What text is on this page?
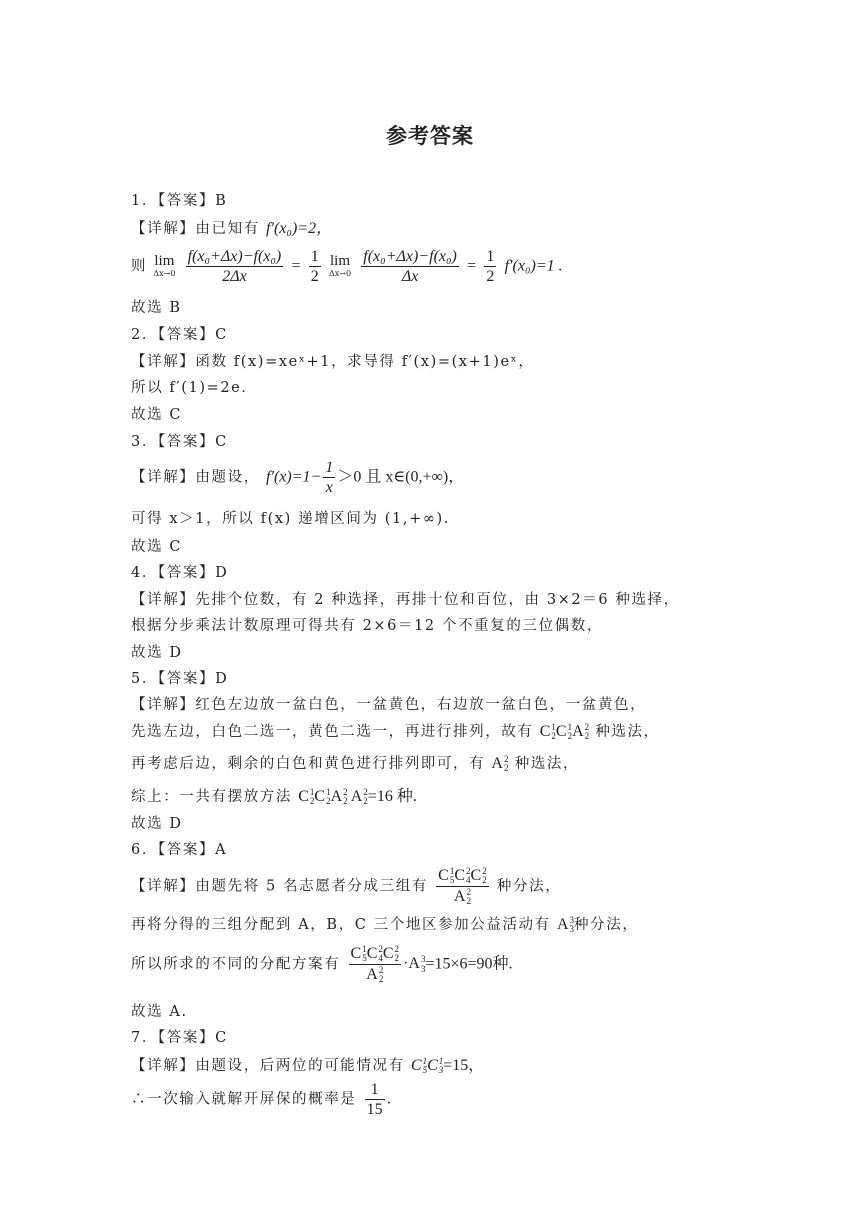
参考答案
1．【答案】B
【详解】由已知有 f′(x₀)=2，
则 lim
Δx→0
$\frac{\text{f(x₀+Δx)−f(x₀)}}{2\Delta x} = \frac{1}{2}$
lim
Δx→0
$\frac{\text{f(x₀+Δx)−f(x₀)}}{\Delta x} = \frac{1}{2} f'(x_0)=1$ .
故选 B
2．【答案】C
【详解】函数 f(x)=xeˣ+1，求导得 f′(x)=(x+1)eˣ，
所以 f′(1)=2e．
故选 C
3．【答案】C
【详解】由题设， $f'(x)=1- \frac{1}{x} >0$ 且 x∈(0,+∞)，
可得 x＞1，所以 f(x) 递增区间为 (1,+∞).
故选 C
4．【答案】D
【详解】先排个位数，有 2 种选择，再排十位和百位，由 3×2＝6 种选择，
根据分步乘法计数原理可得共有 2×6＝12 个不重复的三位偶数，
故选 D
5．【答案】D
【详解】红色左边放一盆白色，一盆黄色，右边放一盆白色，一盆黄色，
先选左边，白色二选一，黄色二选一，再进行排列，故有 C 1
2 C 1
2 A 2
2 种选法，
再考虑后边，剩余的白色和黄色进行排列即可，有 A 2
2 种选法，
综上：一共有摆放方法 C 1
2 C 1
2 A 2
2 A 2
2 =16 种.
故选 D
6．【答案】A
【详解】由题先将 5 名志愿者分成三组有 C 1
5 C 2
4 C 2
2
A 2
2 种分法，
再将分得的三组分配到 A，B，C 三个地区参加公益活动有 A 3
3 种分法，
所以所求的不同的分配方案有 C 1
5 C 2
4 C 2
2
A 2
2 ·A 3
3 =15×6=90种.
故选 A.
7．【答案】C
【详解】由题设，后两位的可能情况有 C 1
5 C 1
3 =15，
∴一次输入就解开屏保的概率是 $\frac{1}{15}$ .
